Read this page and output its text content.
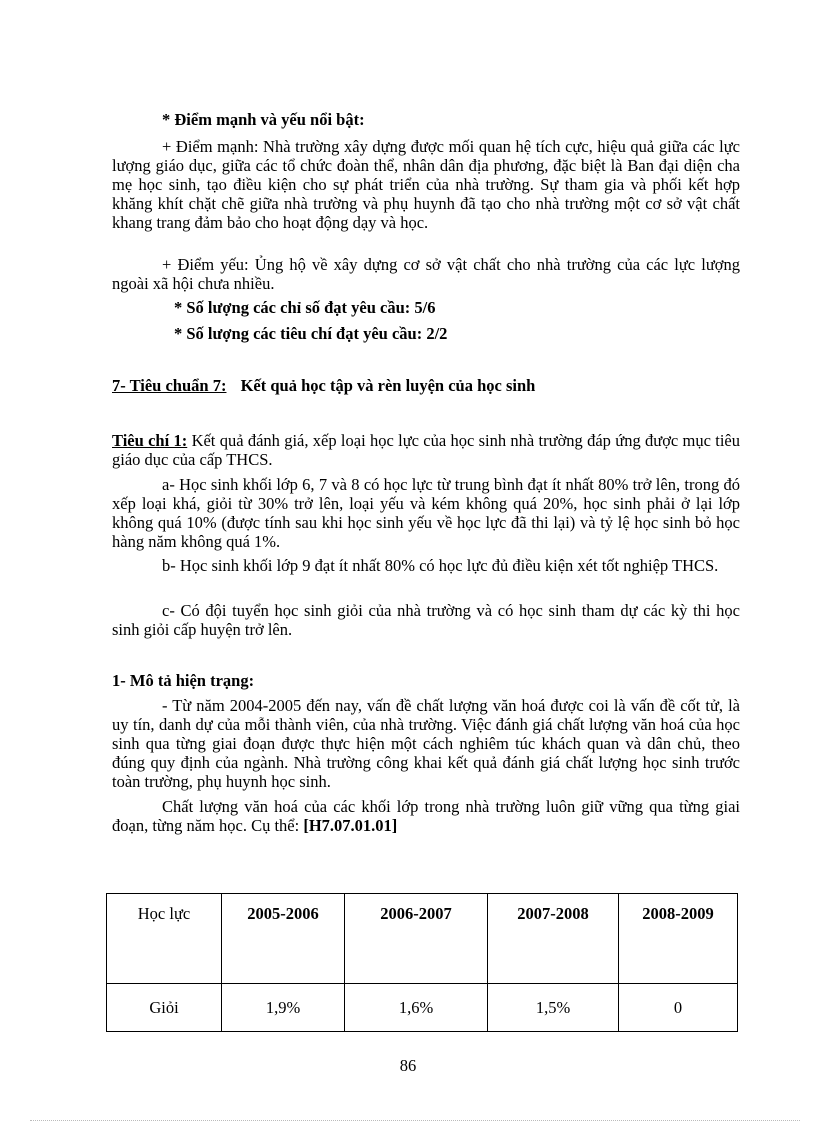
* Điểm mạnh và yếu nổi bật:

+ Điểm mạnh: Nhà trường xây dựng được mối quan hệ tích cực, hiệu quả giữa các lực lượng giáo dục, giữa các tổ chức đoàn thể, nhân dân địa phương, đặc biệt là Ban đại diện cha mẹ học sinh, tạo điều kiện cho sự phát triển của nhà trường. Sự tham gia và phối kết hợp khăng khít chặt chẽ giữa nhà trường và phụ huynh đã tạo cho nhà trường một cơ sở vật chất khang trang đảm bảo cho hoạt động dạy và học.

+ Điểm yếu: Ủng hộ về xây dựng cơ sở vật chất cho nhà trường của các lực lượng ngoài xã hội chưa nhiều.

* Số lượng các chỉ số đạt yêu cầu: 5/6

* Số lượng các tiêu chí đạt yêu cầu: 2/2

7- Tiêu chuẩn 7: Kết quả học tập và rèn luyện của học sinh

Tiêu chí 1: Kết quả đánh giá, xếp loại học lực của học sinh nhà trường đáp ứng được mục tiêu giáo dục của cấp THCS.

a- Học sinh khối lớp 6, 7 và 8 có học lực từ trung bình đạt ít nhất 80% trở lên, trong đó xếp loại khá, giỏi từ 30% trở lên, loại yếu và kém không quá 20%, học sinh phải ở lại lớp không quá 10% (được tính sau khi học sinh yếu về học lực đã thi lại) và tỷ lệ học sinh bỏ học hàng năm không quá 1%.

b- Học sinh khối lớp 9 đạt ít nhất 80% có học lực đủ điều kiện xét tốt nghiệp THCS.

c- Có đội tuyển học sinh giỏi của nhà trường và có học sinh tham dự các kỳ thi học sinh giỏi cấp huyện trở lên.

1- Mô tả hiện trạng:

- Từ năm 2004-2005 đến nay, vấn đề chất lượng văn hoá được coi là vấn đề cốt tử, là uy tín, danh dự của mỗi thành viên, của nhà trường. Việc đánh giá chất lượng văn hoá của học sinh qua từng giai đoạn được thực hiện một cách nghiêm túc khách quan và dân chủ, theo đúng quy định của ngành. Nhà trường công khai kết quả đánh giá chất lượng học sinh trước toàn trường, phụ huynh học sinh.

Chất lượng văn hoá của các khối lớp trong nhà trường luôn giữ vững qua từng giai đoạn, từng năm học. Cụ thể: [H7.07.01.01]

Học lực	2005-2006	2006-2007	2007-2008	2008-2009
Giỏi	1,9%	1,6%	1,5%	0
86
